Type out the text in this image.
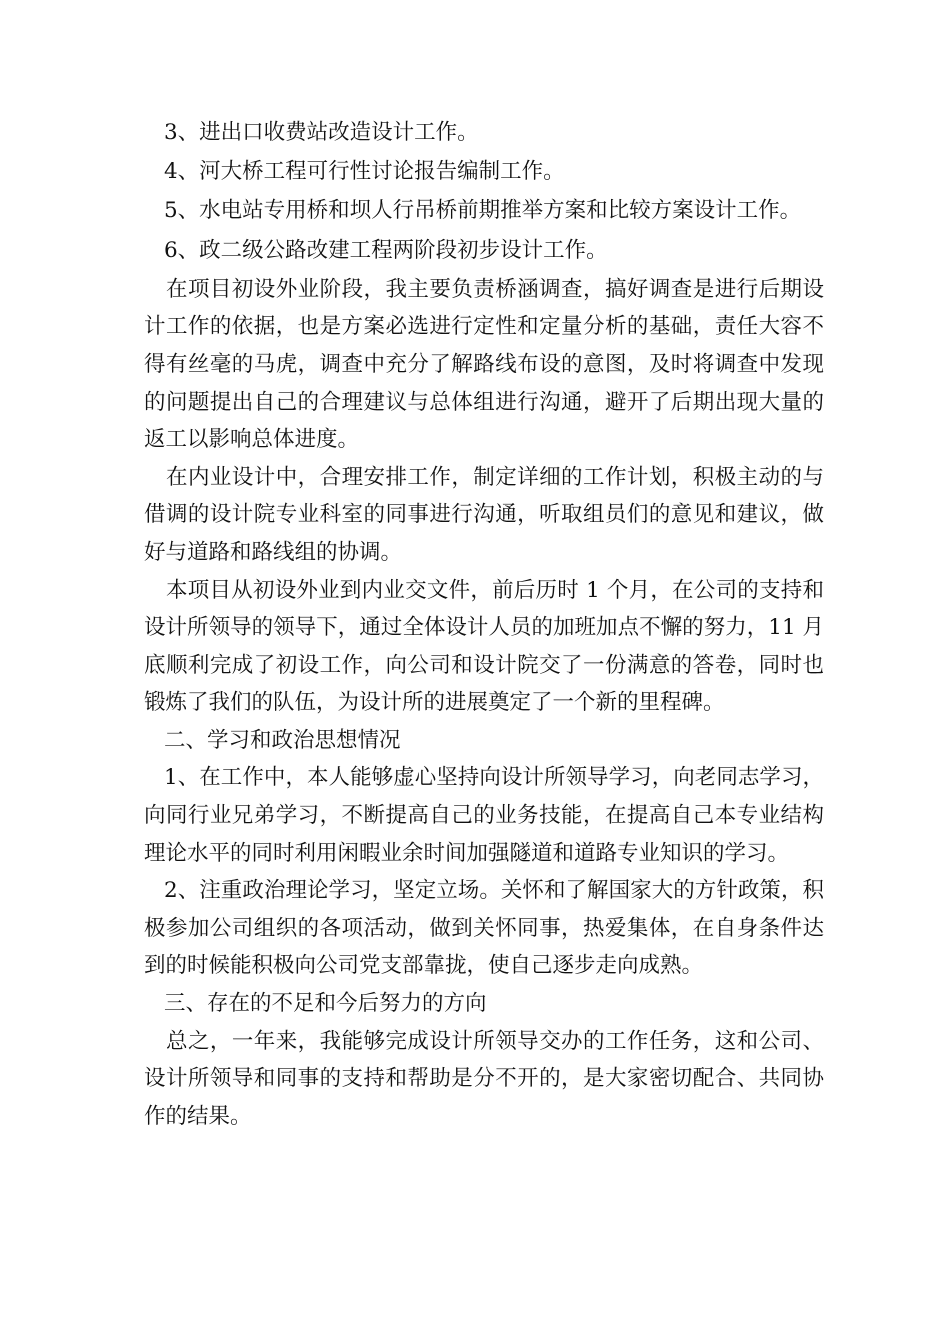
3、进出口收费站改造设计工作。

4、河大桥工程可行性讨论报告编制工作。

5、水电站专用桥和坝人行吊桥前期推举方案和比较方案设计工作。

6、政二级公路改建工程两阶段初步设计工作。

在项目初设外业阶段，我主要负责桥涵调查，搞好调查是进行后期设计工作的依据，也是方案必选进行定性和定量分析的基础，责任大容不得有丝毫的马虎，调查中充分了解路线布设的意图，及时将调查中发现的问题提出自己的合理建议与总体组进行沟通，避开了后期出现大量的返工以影响总体进度。

在内业设计中，合理安排工作，制定详细的工作计划，积极主动的与借调的设计院专业科室的同事进行沟通，听取组员们的意见和建议，做好与道路和路线组的协调。

本项目从初设外业到内业交文件，前后历时 1 个月，在公司的支持和设计所领导的领导下，通过全体设计人员的加班加点不懈的努力，11 月底顺利完成了初设工作，向公司和设计院交了一份满意的答卷，同时也锻炼了我们的队伍，为设计所的进展奠定了一个新的里程碑。

二、学习和政治思想情况

1、在工作中，本人能够虚心坚持向设计所领导学习，向老同志学习，向同行业兄弟学习，不断提高自己的业务技能，在提高自己本专业结构理论水平的同时利用闲暇业余时间加强隧道和道路专业知识的学习。

2、注重政治理论学习，坚定立场。关怀和了解国家大的方针政策，积极参加公司组织的各项活动，做到关怀同事，热爱集体，在自身条件达到的时候能积极向公司党支部靠拢，使自己逐步走向成熟。

三、存在的不足和今后努力的方向

总之，一年来，我能够完成设计所领导交办的工作任务，这和公司、设计所领导和同事的支持和帮助是分不开的，是大家密切配合、共同协作的结果。
